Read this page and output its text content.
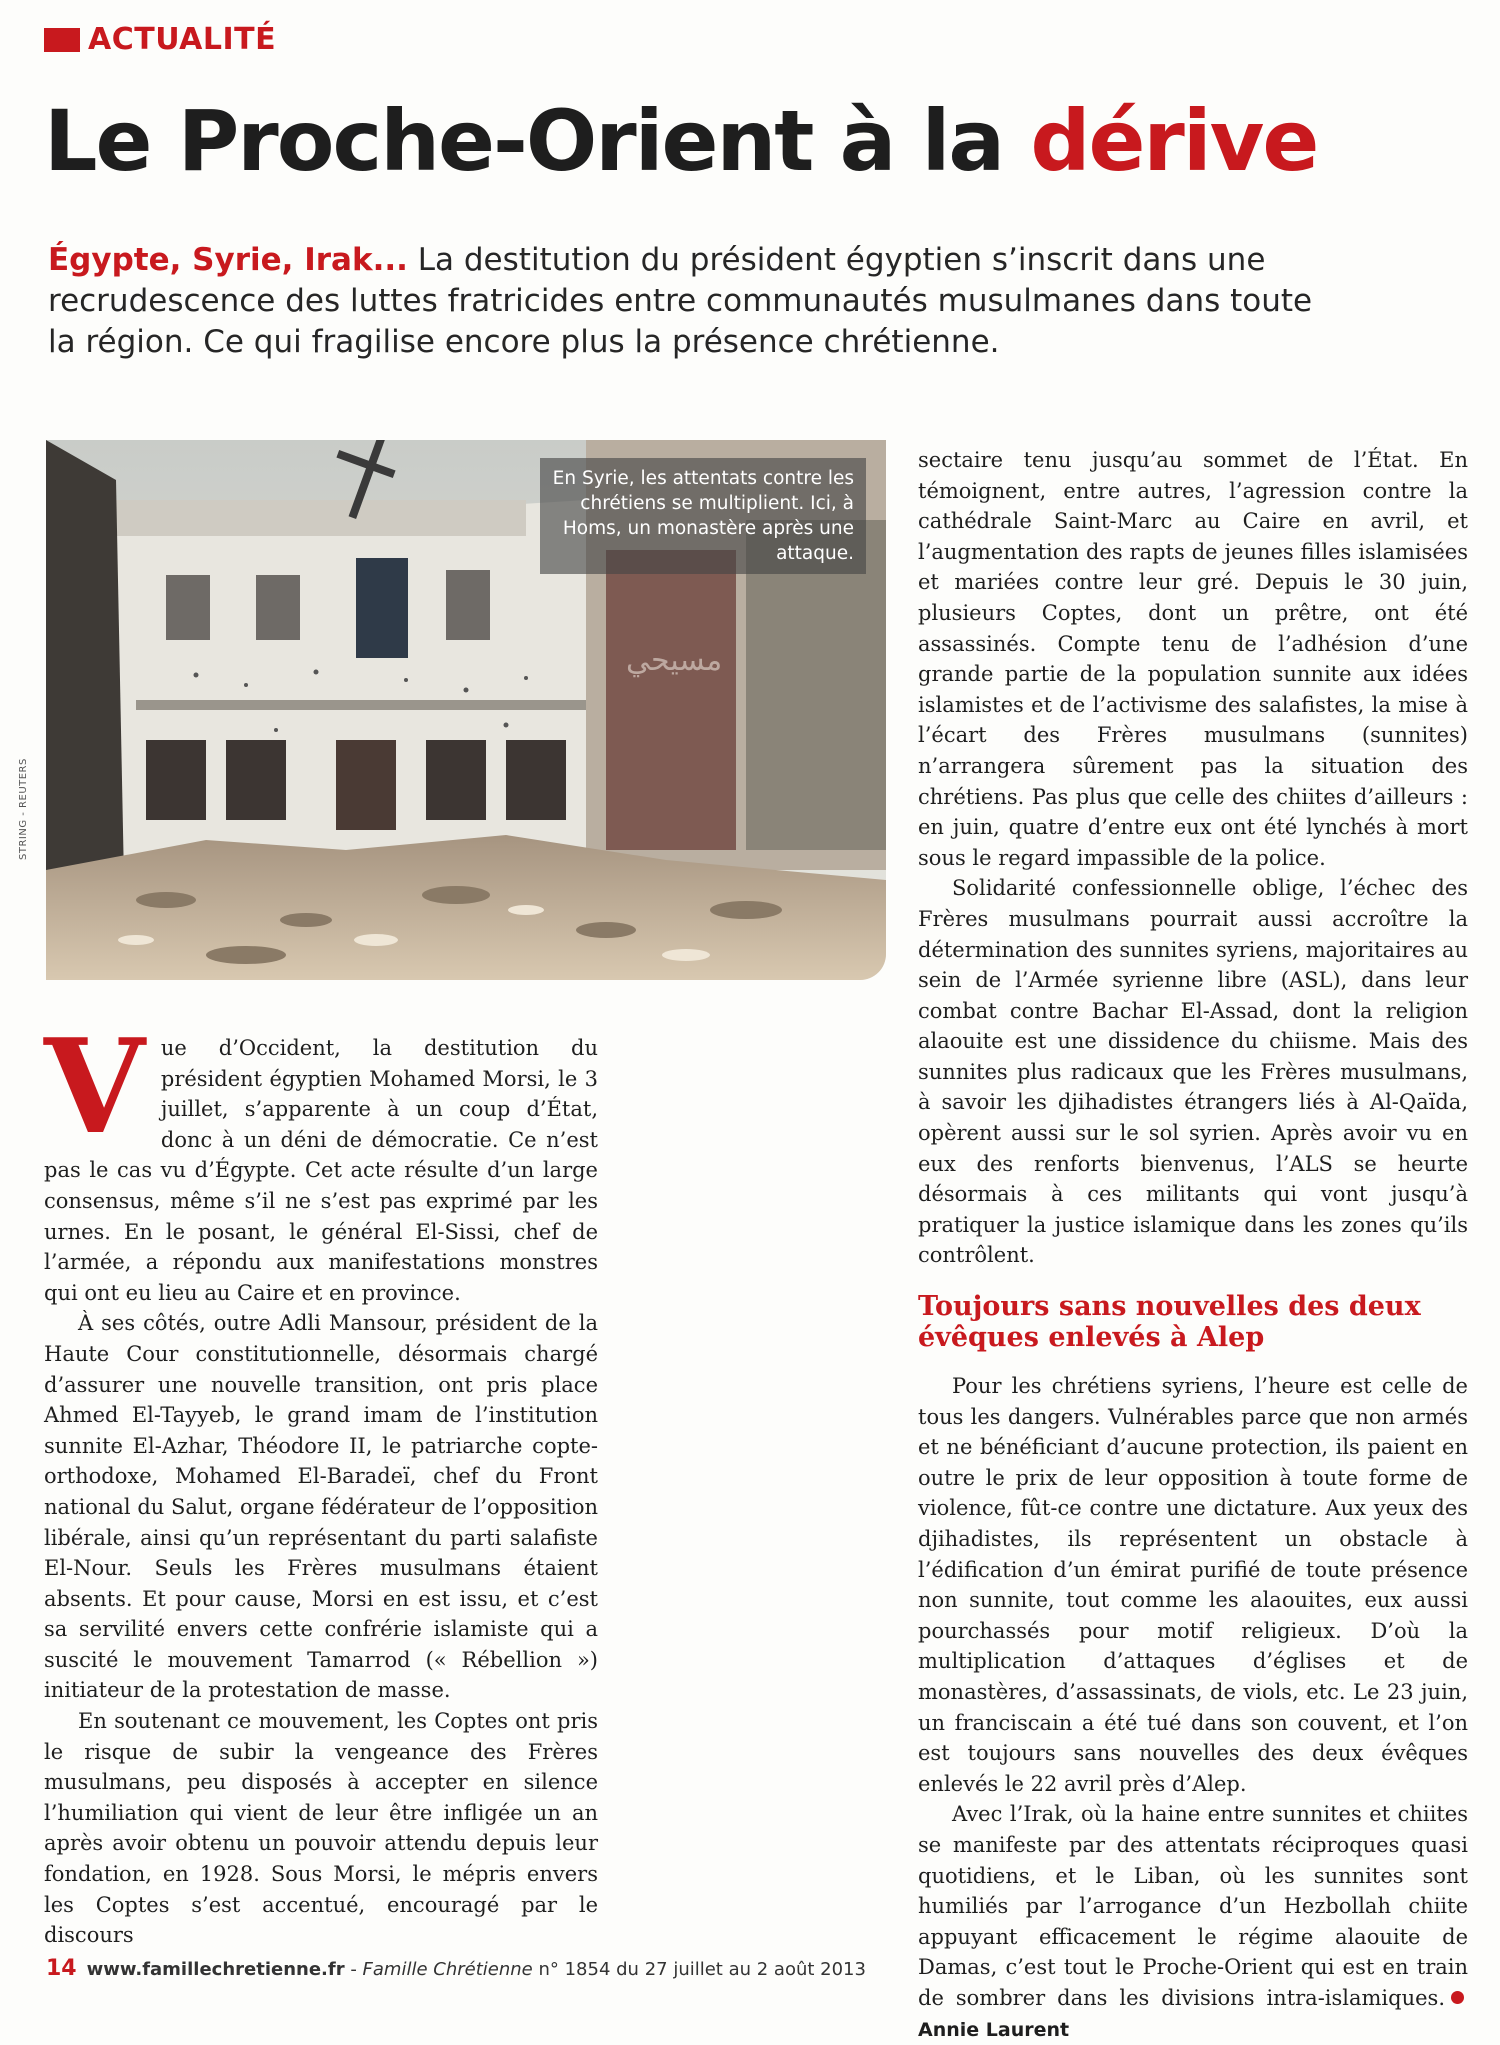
ACTUALITÉ
Le Proche-Orient à la dérive

Égypte, Syrie, Irak... La destitution du président égyptien s’inscrit dans une recrudescence des luttes fratricides entre communautés musulmanes dans toute la région. Ce qui fragilise encore plus la présence chrétienne.

ﻣﺴﻴﺤﻲ
En Syrie, les attentats contre les chrétiens se multiplient. Ici, à Homs, un monastère après une attaque.
STRING - REUTERS

Vue d’Occident, la destitution du président égyptien Mohamed Morsi, le 3 juillet, s’apparente à un coup d’État, donc à un déni de démocratie. Ce n’est pas le cas vu d’Égypte. Cet acte résulte d’un large consensus, même s’il ne s’est pas exprimé par les urnes. En le posant, le général El-Sissi, chef de l’armée, a répondu aux manifestations monstres qui ont eu lieu au Caire et en province.

À ses côtés, outre Adli Mansour, président de la Haute Cour constitutionnelle, désormais chargé d’assurer une nouvelle transition, ont pris place Ahmed El-Tayyeb, le grand imam de l’institution sunnite El-Azhar, Théodore II, le patriarche copte-orthodoxe, Mohamed El-Baradeï, chef du Front national du Salut, organe fédérateur de l’opposition libérale, ainsi qu’un représentant du parti salafiste El-Nour. Seuls les Frères musulmans étaient absents. Et pour cause, Morsi en est issu, et c’est sa servilité envers cette confrérie islamiste qui a suscité le mouvement Tamarrod (« Rébellion ») initiateur de la protestation de masse.

En soutenant ce mouvement, les Coptes ont pris le risque de subir la vengeance des Frères musulmans, peu disposés à accepter en silence l’humiliation qui vient de leur être infligée un an après avoir obtenu un pouvoir attendu depuis leur fondation, en 1928. Sous Morsi, le mépris envers les Coptes s’est accentué, encouragé par le discours

sectaire tenu jusqu’au sommet de l’État. En témoignent, entre autres, l’agression contre la cathédrale Saint-Marc au Caire en avril, et l’augmentation des rapts de jeunes filles islamisées et mariées contre leur gré. Depuis le 30 juin, plusieurs Coptes, dont un prêtre, ont été assassinés. Compte tenu de l’adhésion d’une grande partie de la population sunnite aux idées islamistes et de l’activisme des salafistes, la mise à l’écart des Frères musulmans (sunnites) n’arrangera sûrement pas la situation des chrétiens. Pas plus que celle des chiites d’ailleurs : en juin, quatre d’entre eux ont été lynchés à mort sous le regard impassible de la police.

Solidarité confessionnelle oblige, l’échec des Frères musulmans pourrait aussi accroître la détermination des sunnites syriens, majoritaires au sein de l’Armée syrienne libre (ASL), dans leur combat contre Bachar El-Assad, dont la religion alaouite est une dissidence du chiisme. Mais des sunnites plus radicaux que les Frères musulmans, à savoir les djihadistes étrangers liés à Al-Qaïda, opèrent aussi sur le sol syrien. Après avoir vu en eux des renforts bienvenus, l’ALS se heurte désormais à ces militants qui vont jusqu’à pratiquer la justice islamique dans les zones qu’ils contrôlent.

Toujours sans nouvelles des deux évêques enlevés à Alep

Pour les chrétiens syriens, l’heure est celle de tous les dangers. Vulnérables parce que non armés et ne bénéficiant d’aucune protection, ils paient en outre le prix de leur opposition à toute forme de violence, fût-ce contre une dictature. Aux yeux des djihadistes, ils représentent un obstacle à l’édification d’un émirat purifié de toute présence non sunnite, tout comme les alaouites, eux aussi pourchassés pour motif religieux. D’où la multiplication d’attaques d’églises et de monastères, d’assassinats, de viols, etc. Le 23 juin, un franciscain a été tué dans son couvent, et l’on est toujours sans nouvelles des deux évêques enlevés le 22 avril près d’Alep.

Avec l’Irak, où la haine entre sunnites et chiites se manifeste par des attentats réciproques quasi quotidiens, et le Liban, où les sunnites sont humiliés par l’arrogance d’un Hezbollah chiite appuyant efficacement le régime alaouite de Damas, c’est tout le Proche-Orient qui est en train de sombrer dans les divisions intra-islamiques.Annie Laurent

14 www.famillechretienne.fr - Famille Chrétienne n° 1854 du 27 juillet au 2 août 2013
